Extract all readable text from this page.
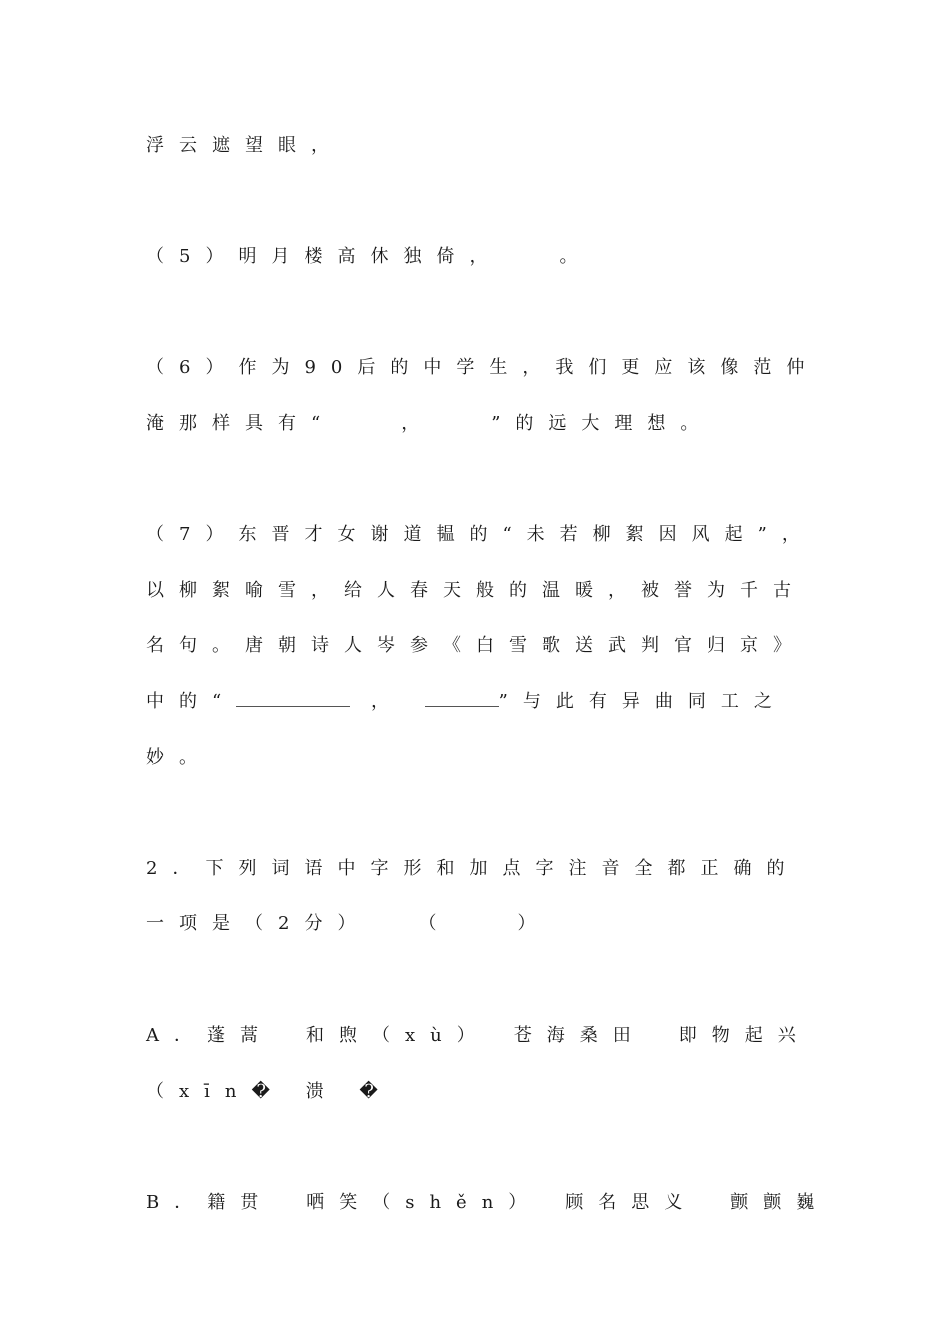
浮云遮望眼，
（5）明月楼高休独倚，　　。
（6）作为90后的中学生，我们更应该像范仲
淹那样具有“　　，　　”的远大理想。
（7）东晋才女谢道韫的“未若柳絮因风起”，
以柳絮喻雪，给人春天般的温暖，被誉为千古
名句。唐朝诗人岑参《白雪歌送武判官归京》
中的“	，	”与此有异曲同工之
妙。
2．下列词语中字形和加点字注音全都正确的
一项是（2分）　　（　　）
A．蓬蒿　和煦（xù）　苍海桑田　即物起兴
（xīn� 溃 �
B．籍贯　哂笑（shěn）　顾名思义　颤颤巍
